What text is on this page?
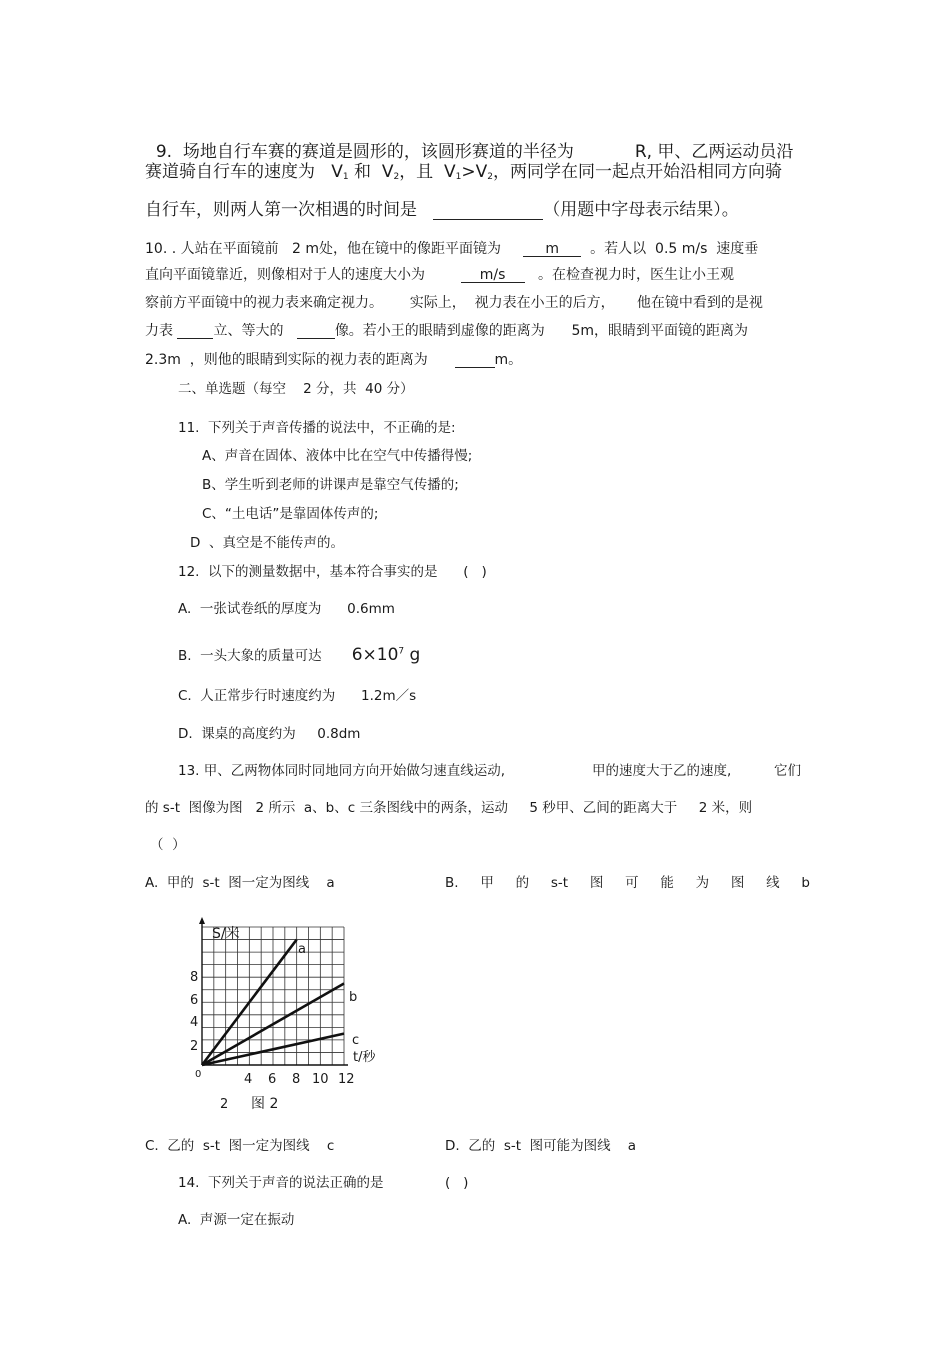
9.  场地自行车赛的赛道是圆形的，该圆形赛道的半径为	R, 甲、乙两运动员沿

赛道骑自行车的速度为 $V_1$ 和 $V_2$，且 $V_1>V_2$，两同学在同一起点开始沿相同方向骑
自行车，则两人第一次相遇的时间是	（用题中字母表示结果）。
10. . 人站在平面镜前   2 m处，他在镜中的像距平面镜为	m 。若人以  0.5 m/s  速度垂
直向平面镜靠近，则像相对于人的速度大小为	m/s 。在检查视力时，医生让小王观
察前方平面镜中的视力表来确定视力。      实际上，  视力表在小王的后方，     他在镜中看到的是视
力表	立、等大的	像。若小王的眼睛到虚像的距离为      5m，眼睛到平面镜的距离为
2.3m  ，则他的眼睛到实际的视力表的距离为	m。
二、单选题（每空    2 分，共  40 分）
11.  下列关于声音传播的说法中，不正确的是:
A、声音在固体、液体中比在空气中传播得慢;
B、学生听到老师的讲课声是靠空气传播的;
C、“土电话”是靠固体传声的;
D  、真空是不能传声的。
12.  以下的测量数据中，基本符合事实的是      (   )
A.  一张试卷纸的厚度为      0.6mm
B.  一头大象的质量可达 $6\times 10^7$ g
C.  人正常步行时速度约为      1.2m／s
D.  课桌的高度约为     0.8dm
13. 甲、乙两物体同时同地同方向开始做匀速直线运动,	甲的速度大于乙的速度,	它们
的 s-t  图像为图   2 所示  a、b、c 三条图线中的两条，运动     5 秒甲、乙间的距离大于     2 米，则
（  ）
A.  甲的  s-t  图一定为图线    a	B. 甲 的 s-t 图 可 能 为 图 线 b
S/米
t/秒
0
8
6
4
2
4 6 8 10 12
2 图 2
a
b
c
C.  乙的  s-t  图一定为图线    c	D.  乙的  s-t  图可能为图线    a
14.  下列关于声音的说法正确的是	(   )
A.  声源一定在振动
